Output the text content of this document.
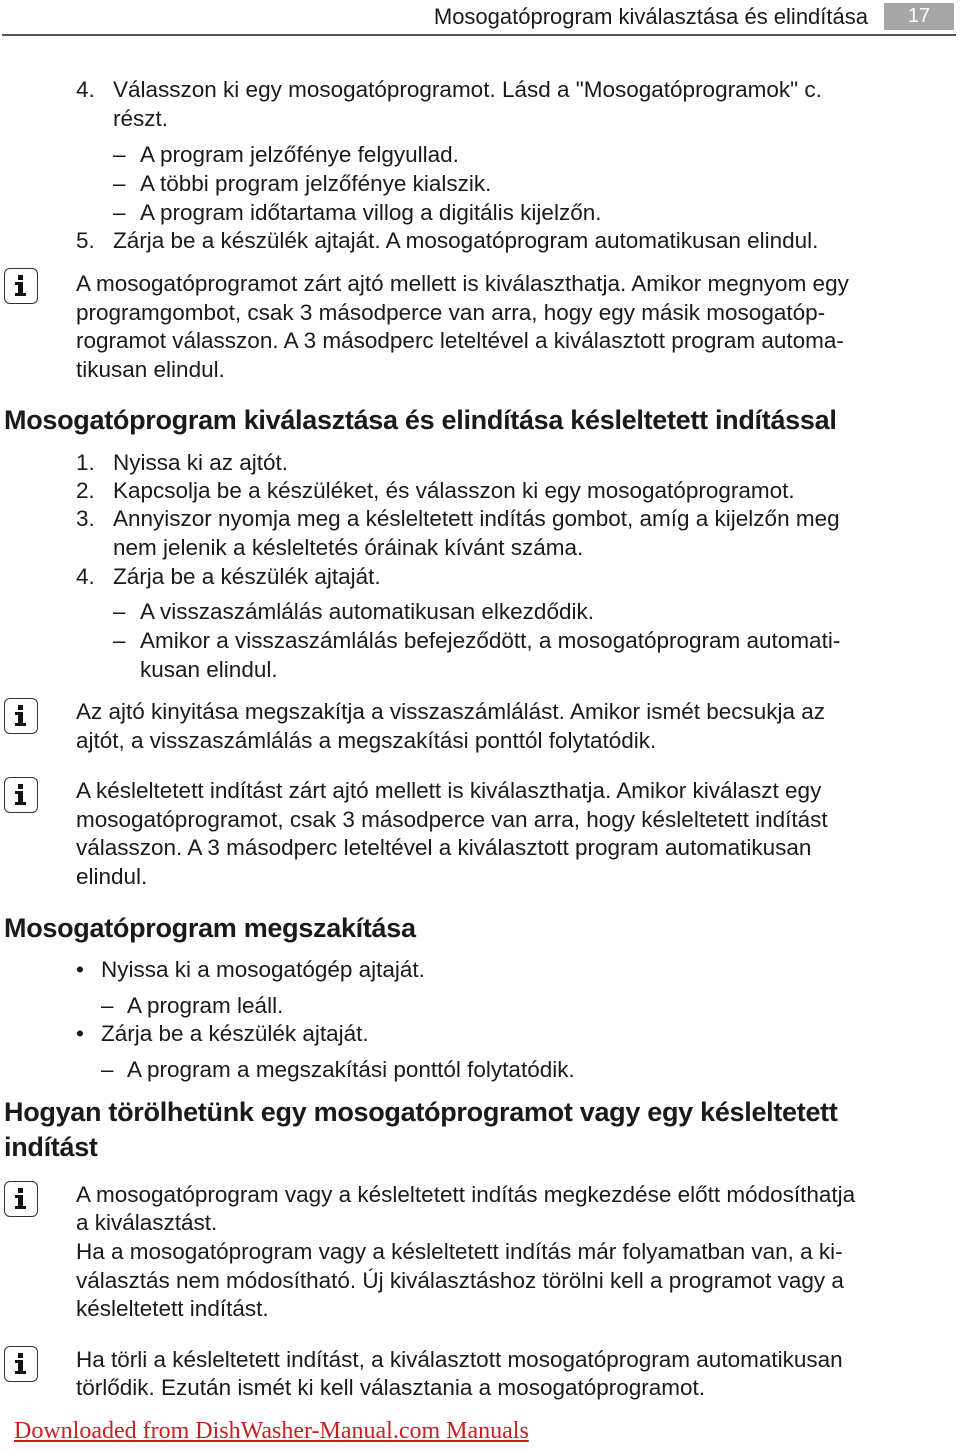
Mosogatóprogram kiválasztása és elindítása	17
4. Válasszon ki egy mosogatóprogramot. Lásd a "Mosogatóprogramok" c.
részt.
– A program jelzőfénye felgyullad.
– A többi program jelzőfénye kialszik.
– A program időtartama villog a digitális kijelzőn.
5. Zárja be a készülék ajtaját. A mosogatóprogram automatikusan elindul.
A mosogatóprogramot zárt ajtó mellett is kiválaszthatja. Amikor megnyom egy
programgombot, csak 3 másodperce van arra, hogy egy másik mosogatóp-
rogramot válasszon. A 3 másodperc leteltével a kiválasztott program automa-
tikusan elindul.
Mosogatóprogram kiválasztása és elindítása késleltetett indítással
1. Nyissa ki az ajtót.
2. Kapcsolja be a készüléket, és válasszon ki egy mosogatóprogramot.
3. Annyiszor nyomja meg a késleltetett indítás gombot, amíg a kijelzőn meg
nem jelenik a késleltetés óráinak kívánt száma.
4. Zárja be a készülék ajtaját.
– A visszaszámlálás automatikusan elkezdődik.
– Amikor a visszaszámlálás befejeződött, a mosogatóprogram automati-
kusan elindul.
Az ajtó kinyitása megszakítja a visszaszámlálást. Amikor ismét becsukja az
ajtót, a visszaszámlálás a megszakítási ponttól folytatódik.
A késleltetett indítást zárt ajtó mellett is kiválaszthatja. Amikor kiválaszt egy
mosogatóprogramot, csak 3 másodperce van arra, hogy késleltetett indítást
válasszon. A 3 másodperc leteltével a kiválasztott program automatikusan
elindul.
Mosogatóprogram megszakítása
• Nyissa ki a mosogatógép ajtaját.
– A program leáll.
• Zárja be a készülék ajtaját.
– A program a megszakítási ponttól folytatódik.
Hogyan törölhetünk egy mosogatóprogramot vagy egy késleltetett
indítást
A mosogatóprogram vagy a késleltetett indítás megkezdése előtt módosíthatja
a kiválasztást.
Ha a mosogatóprogram vagy a késleltetett indítás már folyamatban van, a ki-
választás nem módosítható. Új kiválasztáshoz törölni kell a programot vagy a
késleltetett indítást.
Ha törli a késleltetett indítást, a kiválasztott mosogatóprogram automatikusan
törlődik. Ezután ismét ki kell választania a mosogatóprogramot.
Downloaded from DishWasher-Manual.com Manuals
